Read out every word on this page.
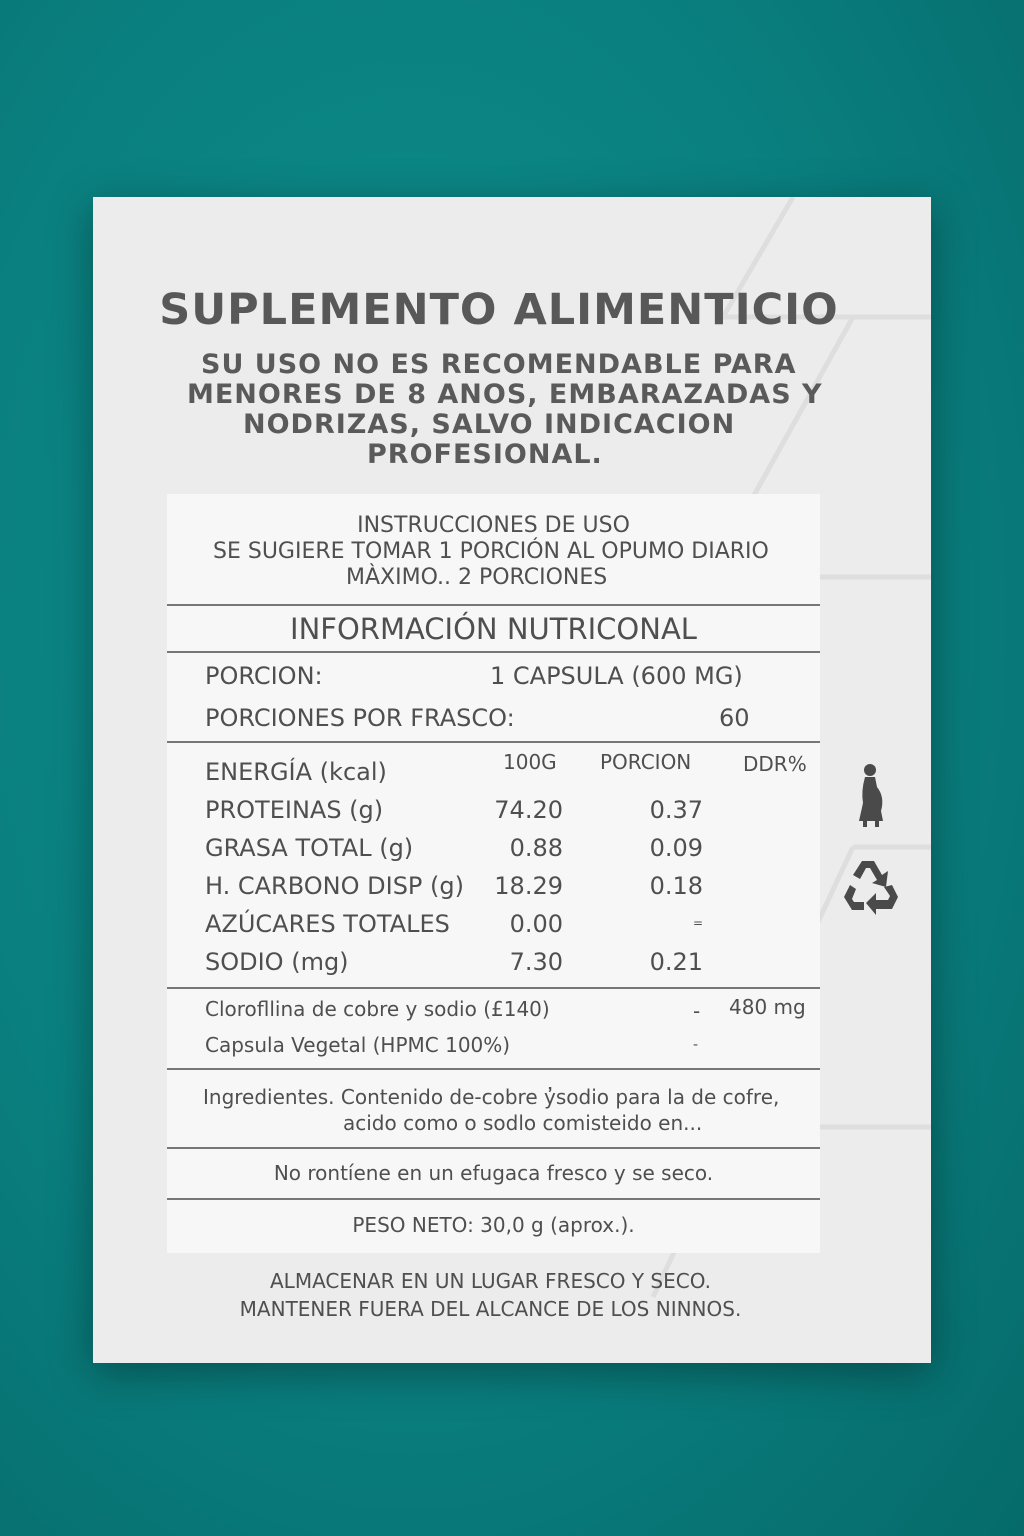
SUPLEMENTO ALIMENTICIO
SU USO NO ES RECOMENDABLE PARA
MENORES DE 8 ANOS, EMBARAZADAS Y
NODRIZAS, SALVO INDICACION
PROFESIONAL.
INSTRUCCIONES DE USO
SE SUGIERE TOMAR 1 PORCIÓN AL OPUMO DIARIO
MÀXIMO.. 2 PORCIONES
INFORMACIÓN NUTRICONAL
PORCION:	1 CAPSULA (600 MG)
PORCIONES POR FRASCO:	60
100G PORCION	DDR%
ENERGÍA (kcal)
PROTEINAS (g)	74.20	0.37
GRASA TOTAL (g)	0.88	0.09
H. CARBONO DISP (g)	18.29	0.18
AZÚCARES TOTALES	0.00	=
SODIO (mg)	7.30	0.21
Clorofllina de cobre y sodio (£140)	- 480 mg
Capsula Vegetal (HPMC 100%)	-
Ingredientes. Contenido de-cobre y̓sodio para la de cofre,
acido como o sodlo comisteido en...
No rontíene en un efugaca fresco y se seco.
PESO NETO: 30,0 g (aprox.).
ALMACENAR EN UN LUGAR FRESCO Y SECO.
MANTENER FUERA DEL ALCANCE DE LOS NINNOS.
